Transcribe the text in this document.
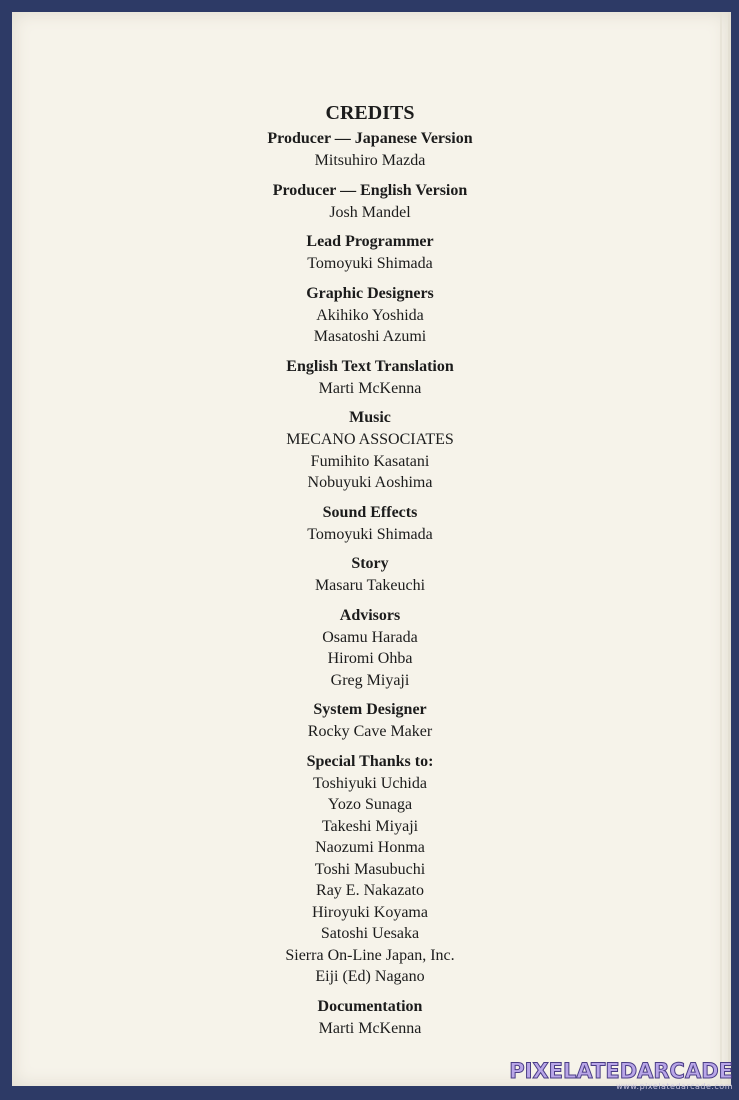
CREDITS
Producer — Japanese Version
Mitsuhiro Mazda
Producer — English Version
Josh Mandel
Lead Programmer
Tomoyuki Shimada
Graphic Designers
Akihiko Yoshida
Masatoshi Azumi
English Text Translation
Marti McKenna
Music
MECANO ASSOCIATES
Fumihito Kasatani
Nobuyuki Aoshima
Sound Effects
Tomoyuki Shimada
Story
Masaru Takeuchi
Advisors
Osamu Harada
Hiromi Ohba
Greg Miyaji
System Designer
Rocky Cave Maker
Special Thanks to:
Toshiyuki Uchida
Yozo Sunaga
Takeshi Miyaji
Naozumi Honma
Toshi Masubuchi
Ray E. Nakazato
Hiroyuki Koyama
Satoshi Uesaka
Sierra On-Line Japan, Inc.
Eiji (Ed) Nagano
Documentation
Marti McKenna
PIXELATEDARCADE
www.pixelatedarcade.com
